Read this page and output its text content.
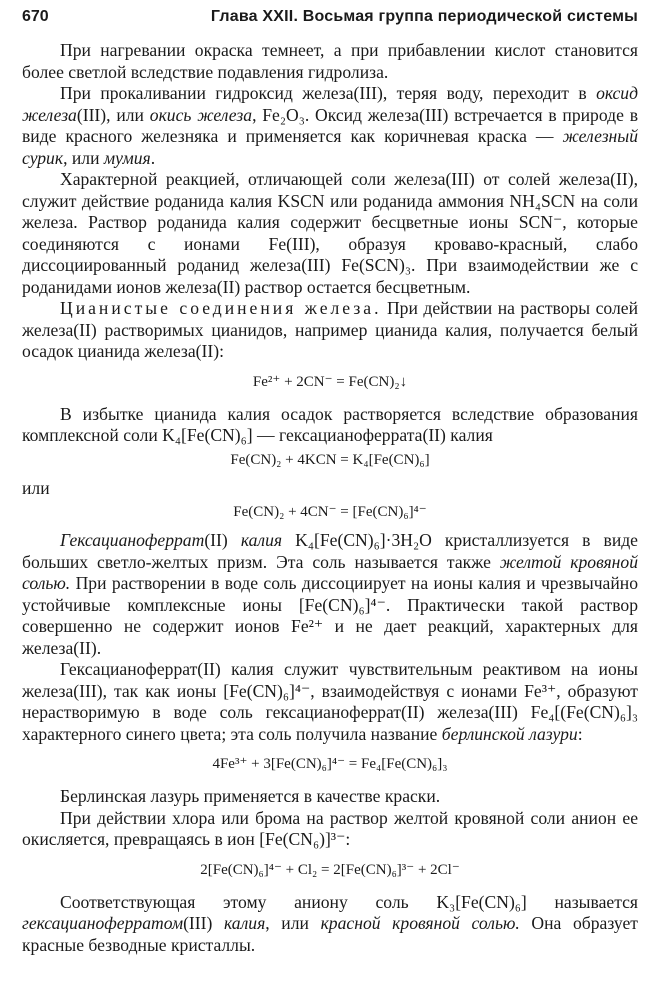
670	Глава XXII. Восьмая группа периодической системы

При нагревании окраска темнеет, а при прибавлении кислот становится более светлой вследствие подавления гидролиза.

При прокаливании гидроксид железа(III), теряя воду, переходит в оксид железа(III), или окись железа, Fe₂O₃. Оксид железа(III) встречается в природе в виде красного железняка и применяется как коричневая краска — железный сурик, или мумия.

Характерной реакцией, отличающей соли железа(III) от солей железа(II), служит действие роданида калия KSCN или роданида аммония NH₄SCN на соли железа. Раствор роданида калия содержит бесцветные ионы SCN⁻, которые соединяются с ионами Fe(III), образуя кроваво-красный, слабо диссоциированный роданид железа(III) Fe(SCN)₃. При взаимодействии же с роданидами ионов железа(II) раствор остается бесцветным.

Цианистые соединения железа. При действии на растворы солей железа(II) растворимых цианидов, например цианида калия, получается белый осадок цианида железа(II):

Fe²⁺ + 2CN⁻ = Fe(CN)₂↓

В избытке цианида калия осадок растворяется вследствие образования комплексной соли K₄[Fe(CN)₆] — гексацианоферрата(II) калия

Fe(CN)₂ + 4KCN = K₄[Fe(CN)₆]

или

Fe(CN)₂ + 4CN⁻ = [Fe(CN)₆]⁴⁻

Гексацианоферрат(II) калия K₄[Fe(CN)₆]·3H₂O кристаллизуется в виде больших светло-желтых призм. Эта соль называется также желтой кровяной солью. При растворении в воде соль диссоциирует на ионы калия и чрезвычайно устойчивые комплексные ионы [Fe(CN)₆]⁴⁻. Практически такой раствор совершенно не содержит ионов Fe²⁺ и не дает реакций, характерных для железа(II).

Гексацианоферрат(II) калия служит чувствительным реактивом на ионы железа(III), так как ионы [Fe(CN)₆]⁴⁻, взаимодействуя с ионами Fe³⁺, образуют нерастворимую в воде соль гексацианоферрат(II) железа(III) Fe₄[(Fe(CN)₆]₃ характерного синего цвета; эта соль получила название берлинской лазури:

4Fe³⁺ + 3[Fe(CN)₆]⁴⁻ = Fe₄[Fe(CN)₆]₃

Берлинская лазурь применяется в качестве краски.

При действии хлора или брома на раствор желтой кровяной соли анион ее окисляется, превращаясь в ион [Fe(CN₆)]³⁻:

2[Fe(CN)₆]⁴⁻ + Cl₂ = 2[Fe(CN)₆]³⁻ + 2Cl⁻

Соответствующая этому аниону соль K₃[Fe(CN)₆] называется гексацианоферратом(III) калия, или красной кровяной солью. Она образует красные безводные кристаллы.
